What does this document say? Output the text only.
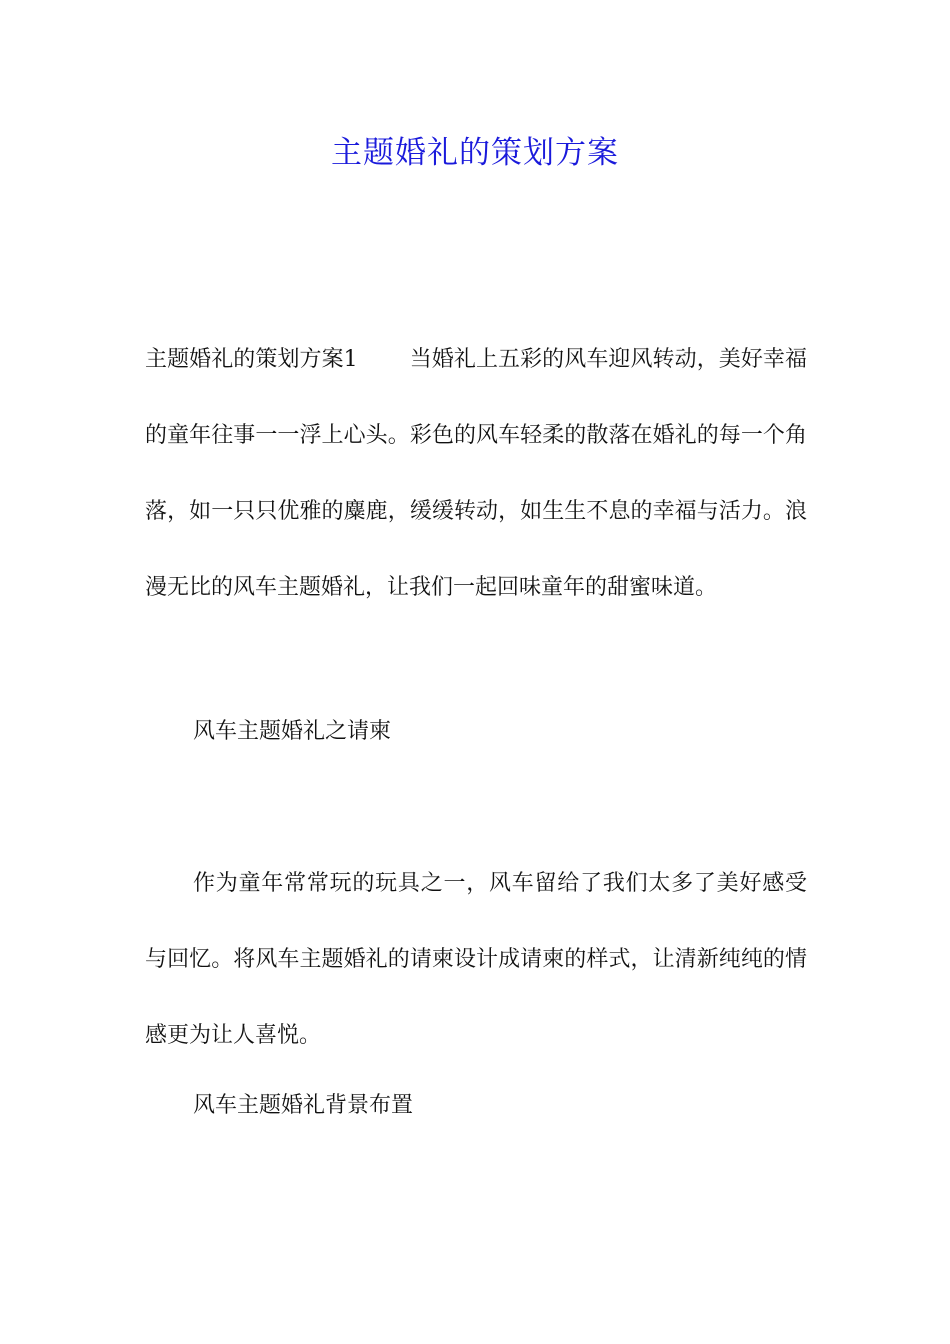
主题婚礼的策划方案

主题婚礼的策划方案1 当婚礼上五彩的风车迎风转动，美好幸福的童年往事一一浮上心头。彩色的风车轻柔的散落在婚礼的每一个角落，如一只只优雅的麋鹿，缓缓转动，如生生不息的幸福与活力。浪漫无比的风车主题婚礼，让我们一起回味童年的甜蜜味道。

风车主题婚礼之请柬

作为童年常常玩的玩具之一，风车留给了我们太多了美好感受与回忆。将风车主题婚礼的请柬设计成请柬的样式，让清新纯纯的情感更为让人喜悦。

风车主题婚礼背景布置
